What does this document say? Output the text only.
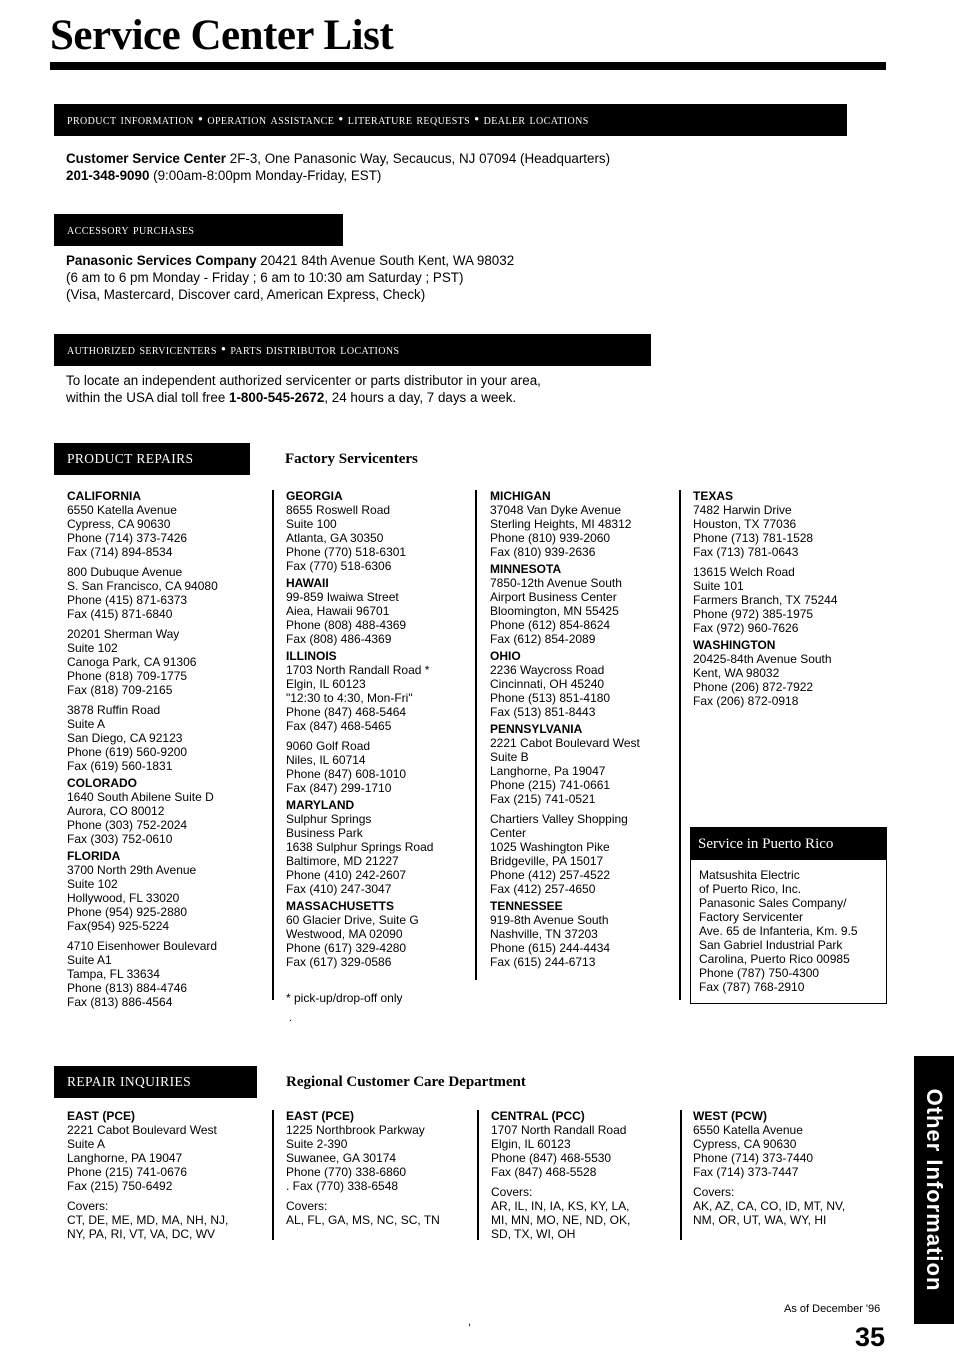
Service Center List
product information • operation assistance • literature requests • dealer locations
Customer Service Center 2F-3, One Panasonic Way, Secaucus, NJ 07094 (Headquarters)
201-348-9090 (9:00am-8:00pm Monday-Friday, EST)
accessory purchases
Panasonic Services Company 20421 84th Avenue South Kent, WA 98032
(6 am to 6 pm Monday - Friday ; 6 am to 10:30 am Saturday ; PST)
(Visa, Mastercard, Discover card, American Express, Check)
authorized servicenters • parts distributor locations
To locate an independent authorized servicenter or parts distributor in your area,
within the USA dial toll free 1-800-545-2672, 24 hours a day, 7 days a week.
PRODUCT REPAIRS	Factory Servicenters
CALIFORNIA
6550 Katella Avenue
Cypress, CA 90630
Phone (714) 373-7426
Fax (714) 894-8534
800 Dubuque Avenue
S. San Francisco, CA 94080
Phone (415) 871-6373
Fax (415) 871-6840
20201 Sherman Way
Suite 102
Canoga Park, CA 91306
Phone (818) 709-1775
Fax (818) 709-2165
3878 Ruffin Road
Suite A
San Diego, CA 92123
Phone (619) 560-9200
Fax (619) 560-1831
COLORADO
1640 South Abilene Suite D
Aurora, CO 80012
Phone (303) 752-2024
Fax (303) 752-0610
FLORIDA
3700 North 29th Avenue
Suite 102
Hollywood, FL 33020
Phone (954) 925-2880
Fax(954) 925-5224
4710 Eisenhower Boulevard
Suite A1
Tampa, FL 33634
Phone (813) 884-4746
Fax (813) 886-4564
GEORGIA
8655 Roswell Road
Suite 100
Atlanta, GA 30350
Phone (770) 518-6301
Fax (770) 518-6306
HAWAII
99-859 Iwaiwa Street
Aiea, Hawaii 96701
Phone (808) 488-4369
Fax (808) 486-4369
ILLINOIS
1703 North Randall Road *
Elgin, IL 60123
"12:30 to 4:30, Mon-Fri"
Phone (847) 468-5464
Fax (847) 468-5465
9060 Golf Road
Niles, IL 60714
Phone (847) 608-1010
Fax (847) 299-1710
MARYLAND
Sulphur Springs
Business Park
1638 Sulphur Springs Road
Baltimore, MD 21227
Phone (410) 242-2607
Fax (410) 247-3047
MASSACHUSETTS
60 Glacier Drive, Suite G
Westwood, MA 02090
Phone (617) 329-4280
Fax (617) 329-0586
* pick-up/drop-off only
MICHIGAN
37048 Van Dyke Avenue
Sterling Heights, MI 48312
Phone (810) 939-2060
Fax (810) 939-2636
MINNESOTA
7850-12th Avenue South
Airport Business Center
Bloomington, MN 55425
Phone (612) 854-8624
Fax (612) 854-2089
OHIO
2236 Waycross Road
Cincinnati, OH 45240
Phone (513) 851-4180
Fax (513) 851-8443
PENNSYLVANIA
2221 Cabot Boulevard West
Suite B
Langhorne, Pa 19047
Phone (215) 741-0661
Fax (215) 741-0521
Chartiers Valley Shopping
Center
1025 Washington Pike
Bridgeville, PA 15017
Phone (412) 257-4522
Fax (412) 257-4650
TENNESSEE
919-8th Avenue South
Nashville, TN 37203
Phone (615) 244-4434
Fax (615) 244-6713
TEXAS
7482 Harwin Drive
Houston, TX 77036
Phone (713) 781-1528
Fax (713) 781-0643
13615 Welch Road
Suite 101
Farmers Branch, TX 75244
Phone (972) 385-1975
Fax (972) 960-7626
WASHINGTON
20425-84th Avenue South
Kent, WA 98032
Phone (206) 872-7922
Fax (206) 872-0918
Service in Puerto Rico
Matsushita Electric
of Puerto Rico, Inc.
Panasonic Sales Company/
Factory Servicenter
Ave. 65 de Infanteria, Km. 9.5
San Gabriel Industrial Park
Carolina, Puerto Rico 00985
Phone (787) 750-4300
Fax (787) 768-2910
.
REPAIR INQUIRIES	Regional Customer Care Department
EAST (PCE)
2221 Cabot Boulevard West
Suite A
Langhorne, PA 19047
Phone (215) 741-0676
Fax (215) 750-6492
Covers:
CT, DE, ME, MD, MA, NH, NJ,
NY, PA, RI, VT, VA, DC, WV
EAST (PCE)
1225 Northbrook Parkway
Suite 2-390
Suwanee, GA 30174
Phone (770) 338-6860
. Fax (770) 338-6548
Covers:
AL, FL, GA, MS, NC, SC, TN
CENTRAL (PCC)
1707 North Randall Road
Elgin, IL 60123
Phone (847) 468-5530
Fax (847) 468-5528
Covers:
AR, IL, IN, IA, KS, KY, LA,
MI, MN, MO, NE, ND, OK,
SD, TX, WI, OH
WEST (PCW)
6550 Katella Avenue
Cypress, CA 90630
Phone (714) 373-7440
Fax (714) 373-7447
Covers:
AK, AZ, CA, CO, ID, MT, NV,
NM, OR, UT, WA, WY, HI	Other Information
As of December '96
,	35
